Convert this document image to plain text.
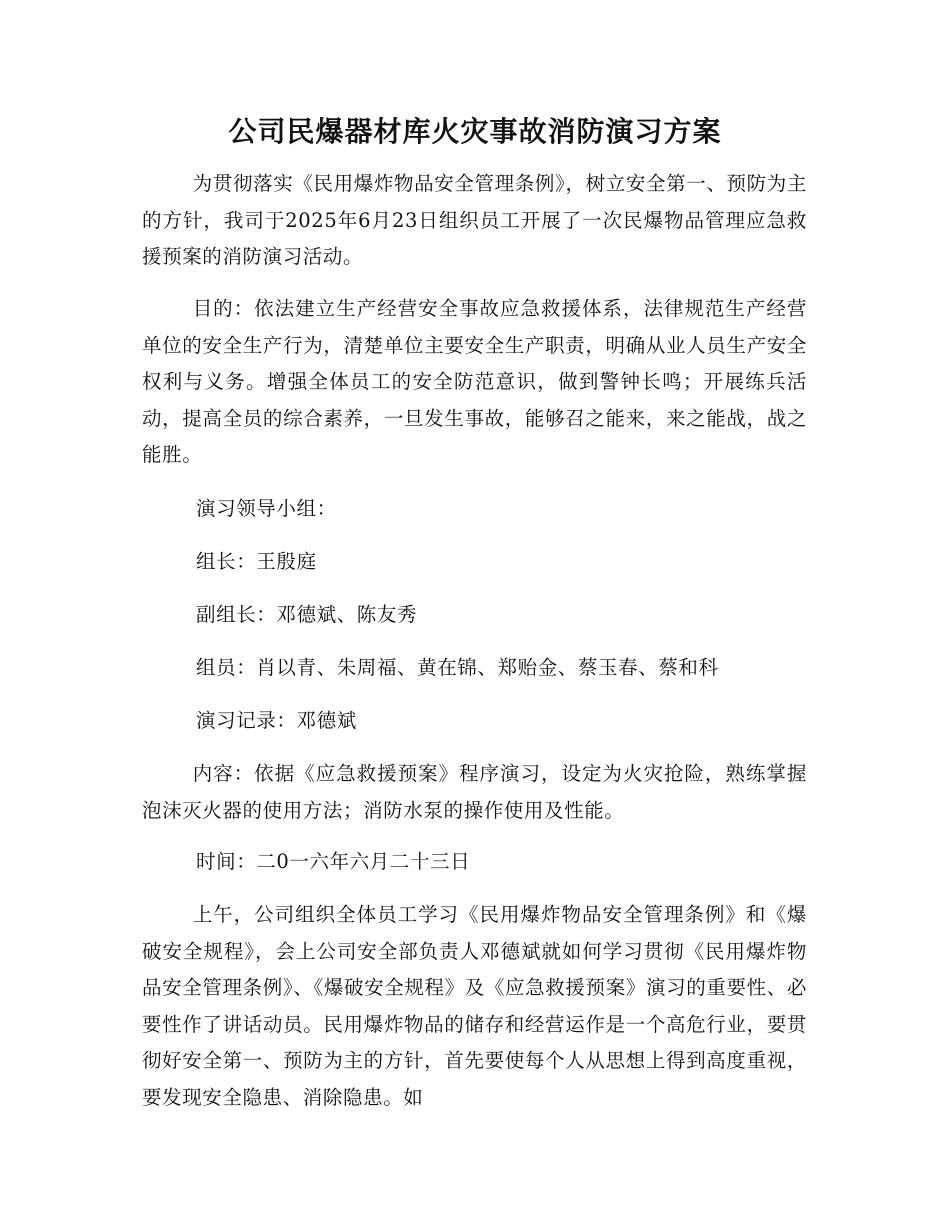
公司民爆器材库火灾事故消防演习方案

为贯彻落实《民用爆炸物品安全管理条例》，树立安全第一、预防为主的方针，我司于2025年6月23日组织员工开展了一次民爆物品管理应急救援预案的消防演习活动。

目的：依法建立生产经营安全事故应急救援体系，法律规范生产经营单位的安全生产行为，清楚单位主要安全生产职责，明确从业人员生产安全权利与义务。增强全体员工的安全防范意识，做到警钟长鸣；开展练兵活动，提高全员的综合素养，一旦发生事故，能够召之能来，来之能战，战之能胜。

演习领导小组：

组长：王殷庭

副组长：邓德斌、陈友秀

组员：肖以青、朱周福、黄在锦、郑贻金、蔡玉春、蔡和科

演习记录：邓德斌

内容：依据《应急救援预案》程序演习，设定为火灾抢险，熟练掌握泡沫灭火器的使用方法；消防水泵的操作使用及性能。

时间：二0一六年六月二十三日

上午，公司组织全体员工学习《民用爆炸物品安全管理条例》和《爆破安全规程》，会上公司安全部负责人邓德斌就如何学习贯彻《民用爆炸物品安全管理条例》、《爆破安全规程》及《应急救援预案》演习的重要性、必要性作了讲话动员。民用爆炸物品的储存和经营运作是一个高危行业，要贯彻好安全第一、预防为主的方针，首先要使每个人从思想上得到高度重视，要发现安全隐患、消除隐患。如
